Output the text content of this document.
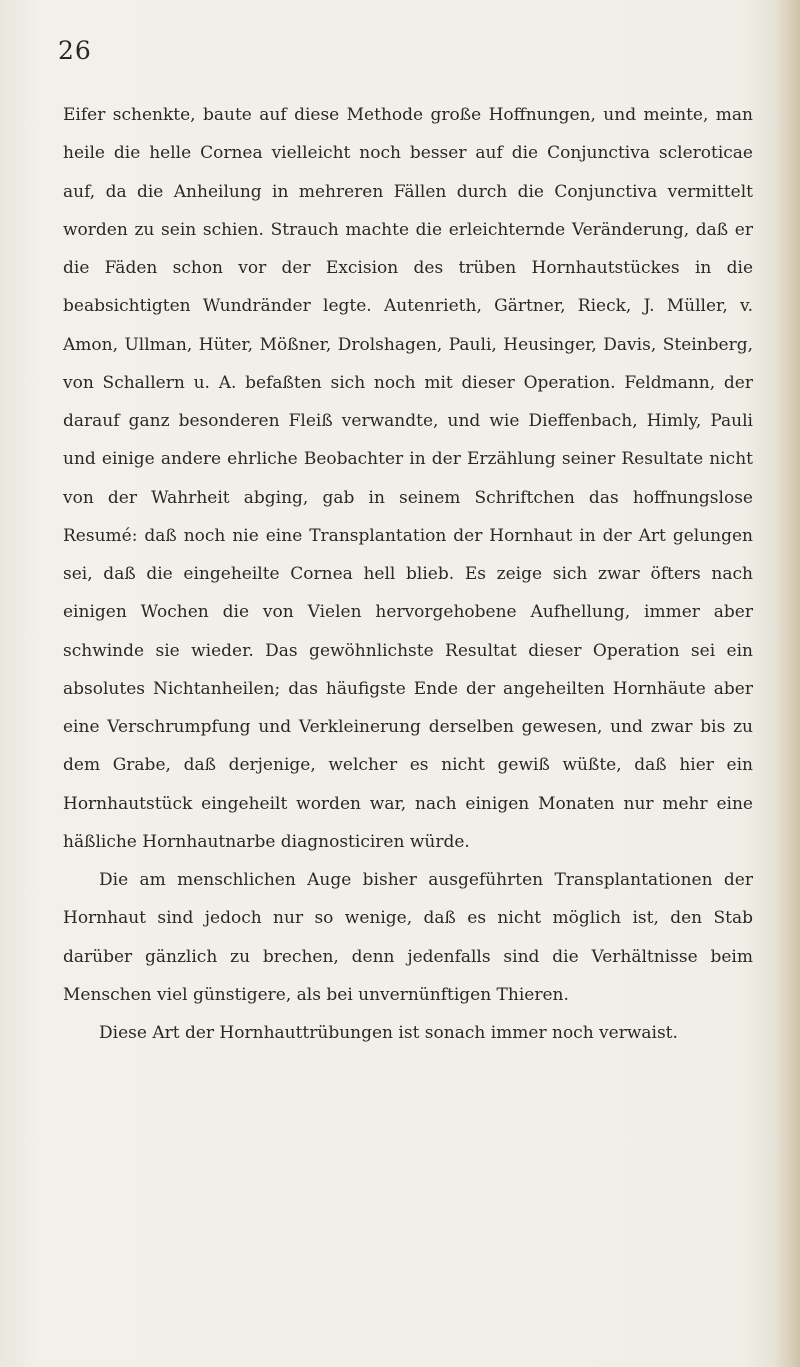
26

Eifer schenkte, baute auf diese Methode große Hoffnungen, und meinte, man heile die helle Cornea vielleicht noch besser auf die Conjunctiva scleroticae auf, da die Anheilung in mehreren Fällen durch die Conjunctiva vermittelt worden zu sein schien. Strauch machte die erleichternde Veränderung, daß er die Fäden schon vor der Excision des trüben Hornhautstückes in die beabsichtigten Wundränder legte. Autenrieth, Gärtner, Rieck, J. Müller, v. Amon, Ullman, Hüter, Mößner, Drolshagen, Pauli, Heusinger, Davis, Steinberg, von Schallern u. A. befaßten sich noch mit dieser Operation. Feldmann, der darauf ganz besonderen Fleiß verwandte, und wie Dieffenbach, Himly, Pauli und einige andere ehrliche Beobachter in der Erzählung seiner Resultate nicht von der Wahrheit abging, gab in seinem Schriftchen das hoffnungslose Resumé: daß noch nie eine Transplantation der Hornhaut in der Art gelungen sei, daß die eingeheilte Cornea hell blieb. Es zeige sich zwar öfters nach einigen Wochen die von Vielen hervorgehobene Aufhellung, immer aber schwinde sie wieder. Das gewöhnlichste Resultat dieser Operation sei ein absolutes Nichtanheilen; das häufigste Ende der angeheilten Hornhäute aber eine Verschrumpfung und Verkleinerung derselben gewesen, und zwar bis zu dem Grabe, daß derjenige, welcher es nicht gewiß wüßte, daß hier ein Hornhautstück eingeheilt worden war, nach einigen Monaten nur mehr eine häßliche Hornhautnarbe diagnosticiren würde.

Die am menschlichen Auge bisher ausgeführten Transplantationen der Hornhaut sind jedoch nur so wenige, daß es nicht möglich ist, den Stab darüber gänzlich zu brechen, denn jedenfalls sind die Verhältnisse beim Menschen viel günstigere, als bei unvernünftigen Thieren.

Diese Art der Hornhauttrübungen ist sonach immer noch verwaist.
